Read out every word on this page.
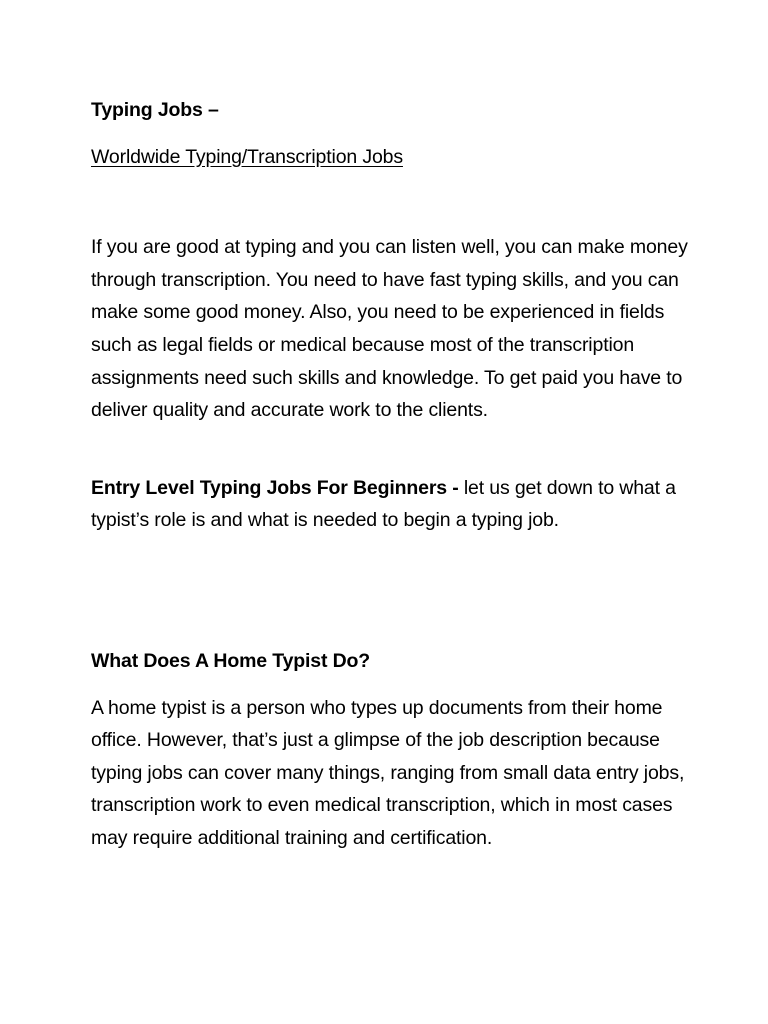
Typing Jobs –

Worldwide Typing/Transcription Jobs

If you are good at typing and you can listen well, you can make money through transcription. You need to have fast typing skills, and you can make some good money. Also, you need to be experienced in fields such as legal fields or medical because most of the transcription assignments need such skills and knowledge. To get paid you have to deliver quality and accurate work to the clients.

Entry Level Typing Jobs For Beginners - let us get down to what a typist’s role is and what is needed to begin a typing job.

What Does A Home Typist Do?

A home typist is a person who types up documents from their home office. However, that’s just a glimpse of the job description because typing jobs can cover many things, ranging from small data entry jobs, transcription work to even medical transcription, which in most cases may require additional training and certification.
